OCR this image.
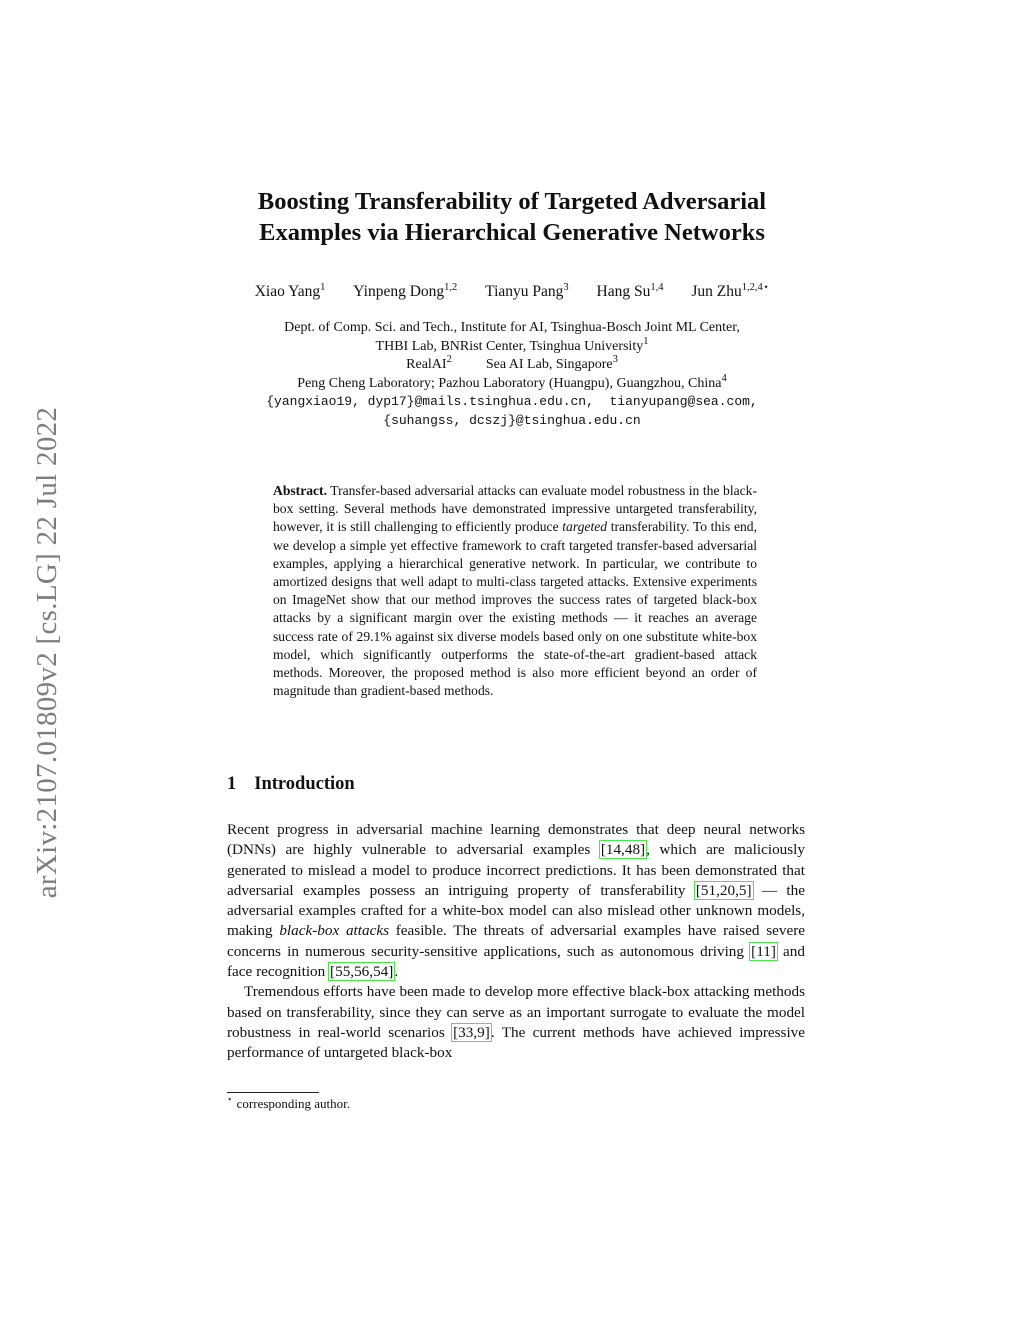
arXiv:2107.01809v2 [cs.LG] 22 Jul 2022
Boosting Transferability of Targeted Adversarial
Examples via Hierarchical Generative Networks
Xiao Yang$^1$ Yinpeng Dong$^{1,2}$ Tianyu Pang$^3$ Hang Su$^{1,4}$ Jun Zhu$^{1,2,4⋆}$
Dept. of Comp. Sci. and Tech., Institute for AI, Tsinghua-Bosch Joint ML Center,
THBI Lab, BNRist Center, Tsinghua University$^1$
RealAI$^2$ Sea AI Lab, Singapore$^3$
Peng Cheng Laboratory; Pazhou Laboratory (Huangpu), Guangzhou, China$^4$
{yangxiao19, dyp17}@mails.tsinghua.edu.cn,  tianyupang@sea.com,
{suhangss, dcszj}@tsinghua.edu.cn

Abstract. Transfer-based adversarial attacks can evaluate model robustness in the black-box setting. Several methods have demonstrated impressive untargeted transferability, however, it is still challenging to efficiently produce targeted transferability. To this end, we develop a simple yet effective framework to craft targeted transfer-based adversarial examples, applying a hierarchical generative network. In particular, we contribute to amortized designs that well adapt to multi-class targeted attacks. Extensive experiments on ImageNet show that our method improves the success rates of targeted black-box attacks by a significant margin over the existing methods — it reaches an average success rate of 29.1% against six diverse models based only on one substitute white-box model, which significantly outperforms the state-of-the-art gradient-based attack methods. Moreover, the proposed method is also more efficient beyond an order of magnitude than gradient-based methods.

1 Introduction

Recent progress in adversarial machine learning demonstrates that deep neural networks (DNNs) are highly vulnerable to adversarial examples [14,48], which are maliciously generated to mislead a model to produce incorrect predictions. It has been demonstrated that adversarial examples possess an intriguing property of transferability [51,20,5] — the adversarial examples crafted for a white-box model can also mislead other unknown models, making black-box attacks feasible. The threats of adversarial examples have raised severe concerns in numerous security-sensitive applications, such as autonomous driving [11] and face recognition [55,56,54].

Tremendous efforts have been made to develop more effective black-box attacking methods based on transferability, since they can serve as an important surrogate to evaluate the model robustness in real-world scenarios [33,9]. The current methods have achieved impressive performance of untargeted black-box

⋆ corresponding author.
